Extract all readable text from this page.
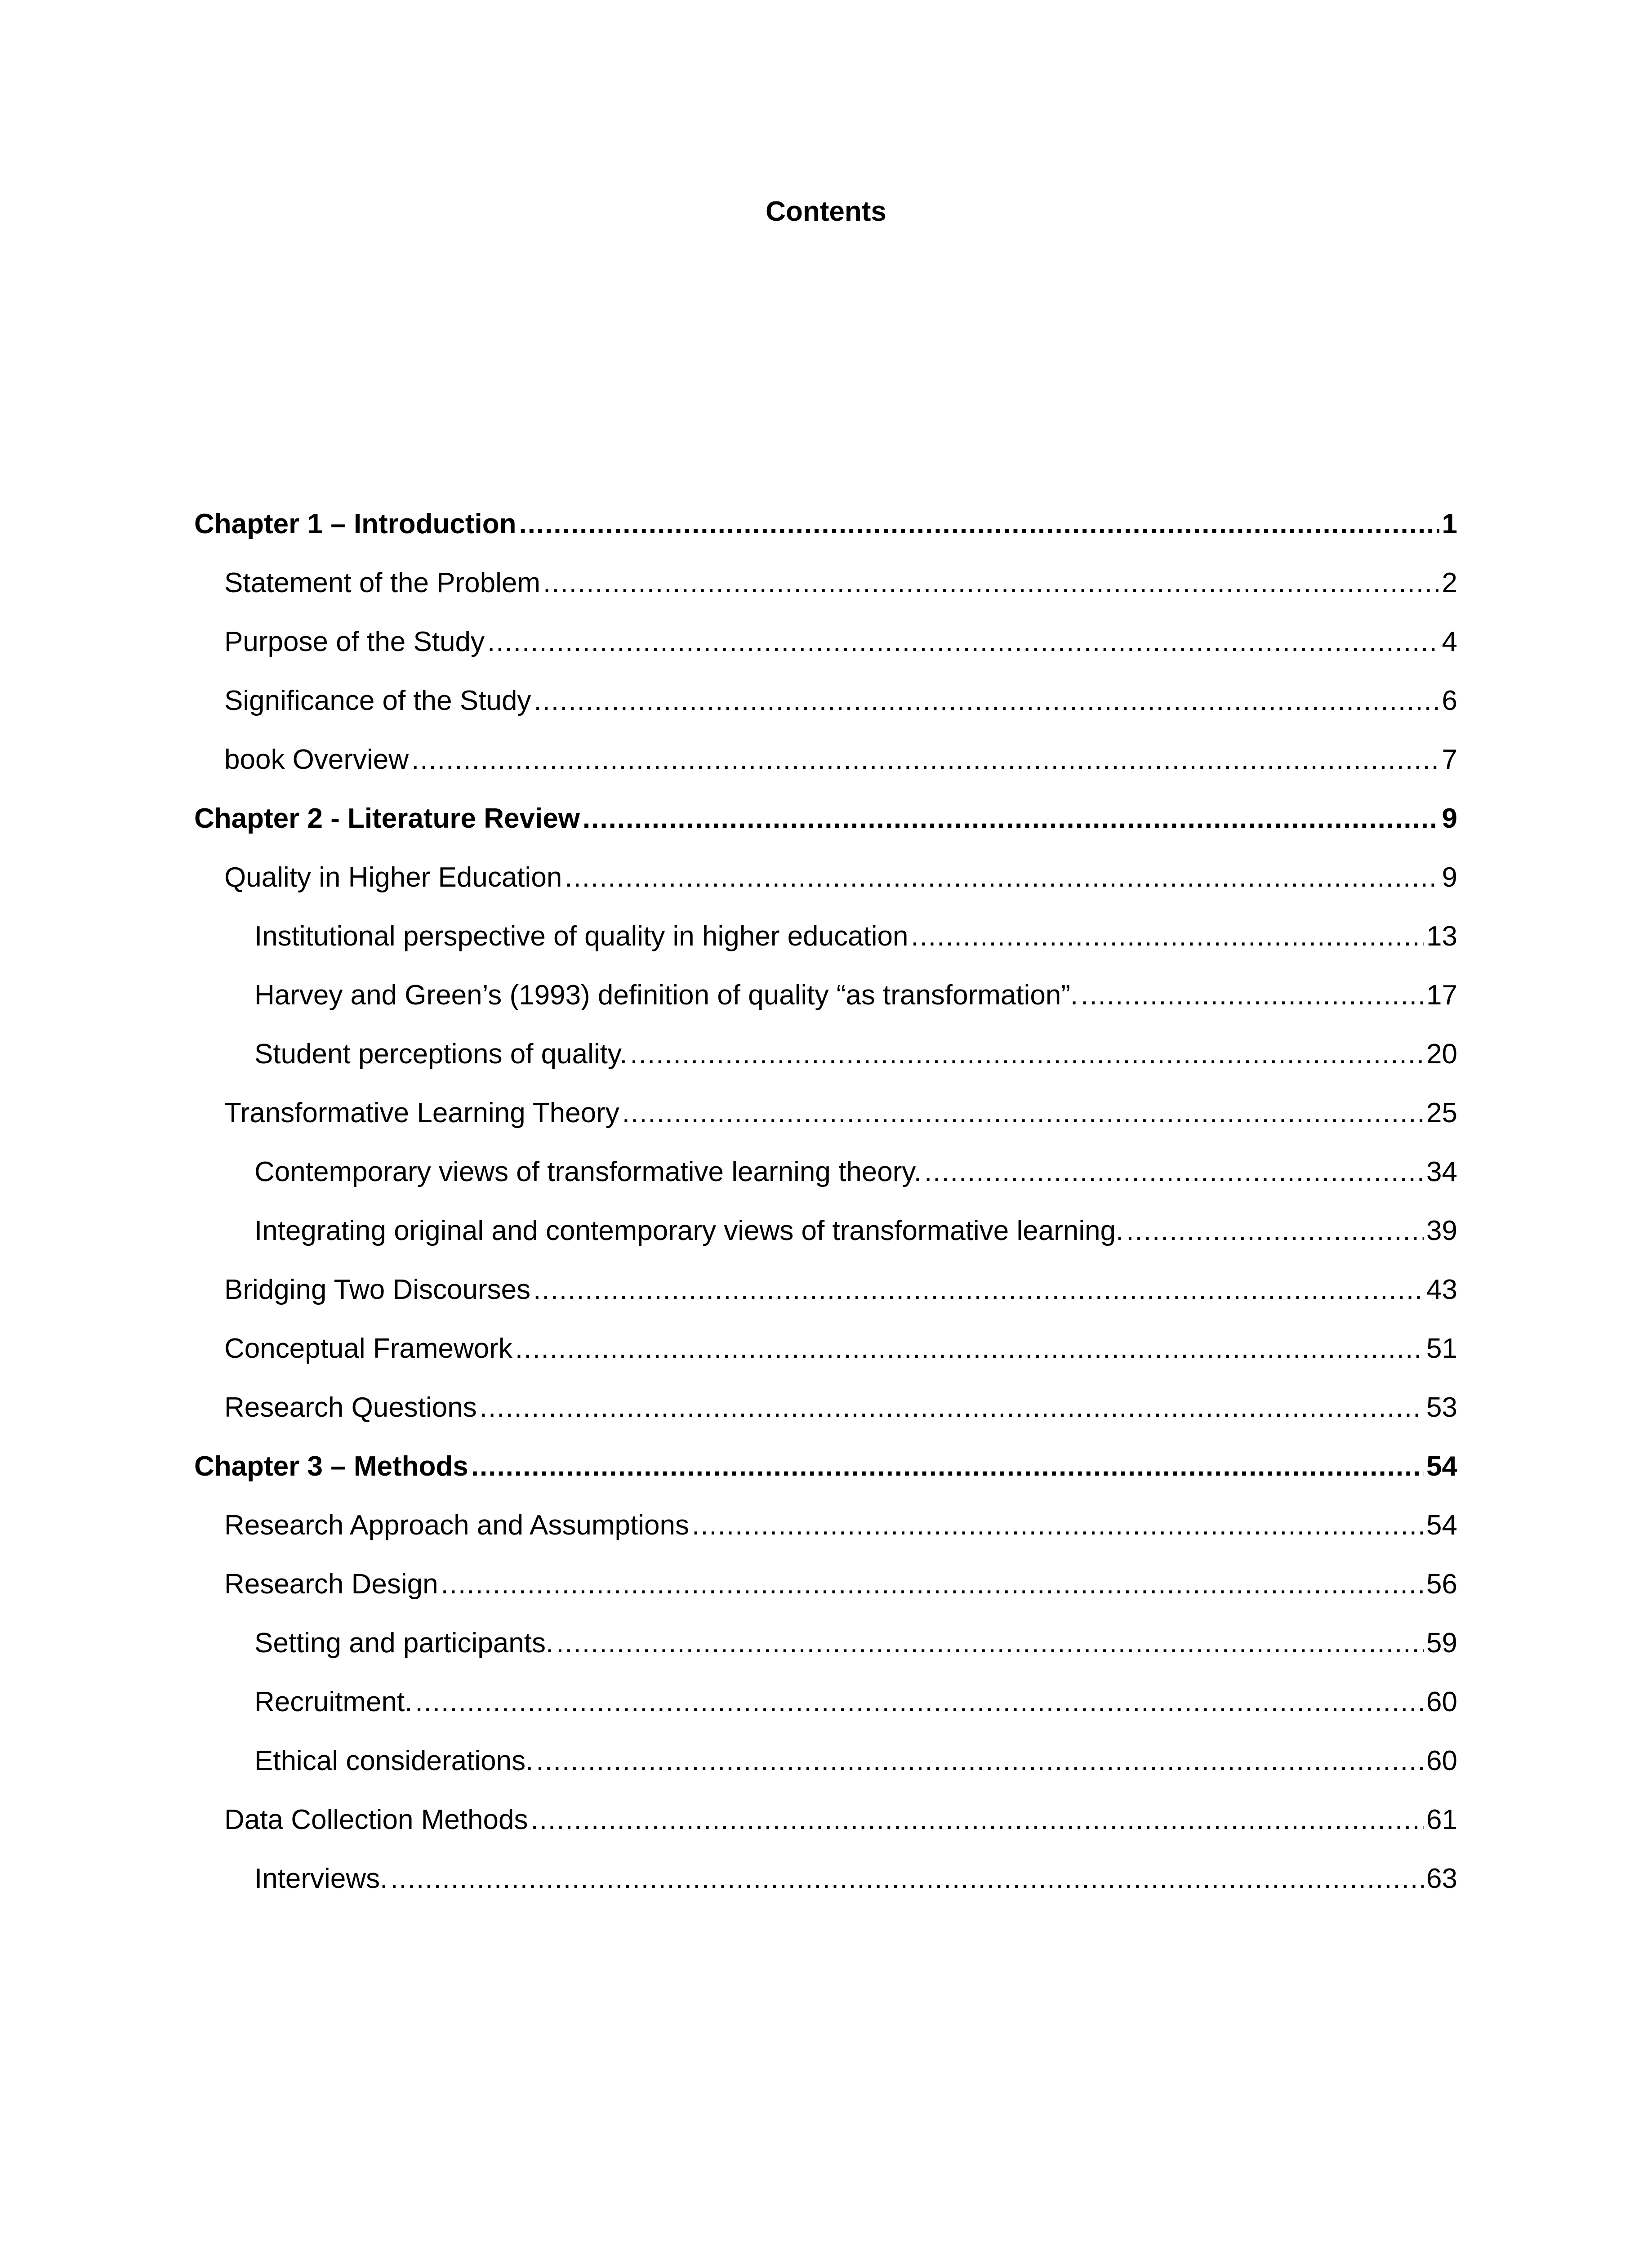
Contents
Chapter 1 – Introduction .....	1
Statement of the Problem .....	2
Purpose of the Study .....	4
Significance of the Study .....	6
book Overview .....	7
Chapter 2 - Literature Review .....	9
Quality in Higher Education .....	9
Institutional perspective of quality in higher education .....	13
Harvey and Green’s (1993) definition of quality “as transformation”. .....	17
Student perceptions of quality. .....	20
Transformative Learning Theory .....	25
Contemporary views of transformative learning theory. .....	34
Integrating original and contemporary views of transformative learning. .....	39
Bridging Two Discourses .....	43
Conceptual Framework .....	51
Research Questions .....	53
Chapter 3 – Methods .....	54
Research Approach and Assumptions .....	54
Research Design .....	56
Setting and participants. .....	59
Recruitment. .....	60
Ethical considerations. .....	60
Data Collection Methods .....	61
Interviews. .....	63
